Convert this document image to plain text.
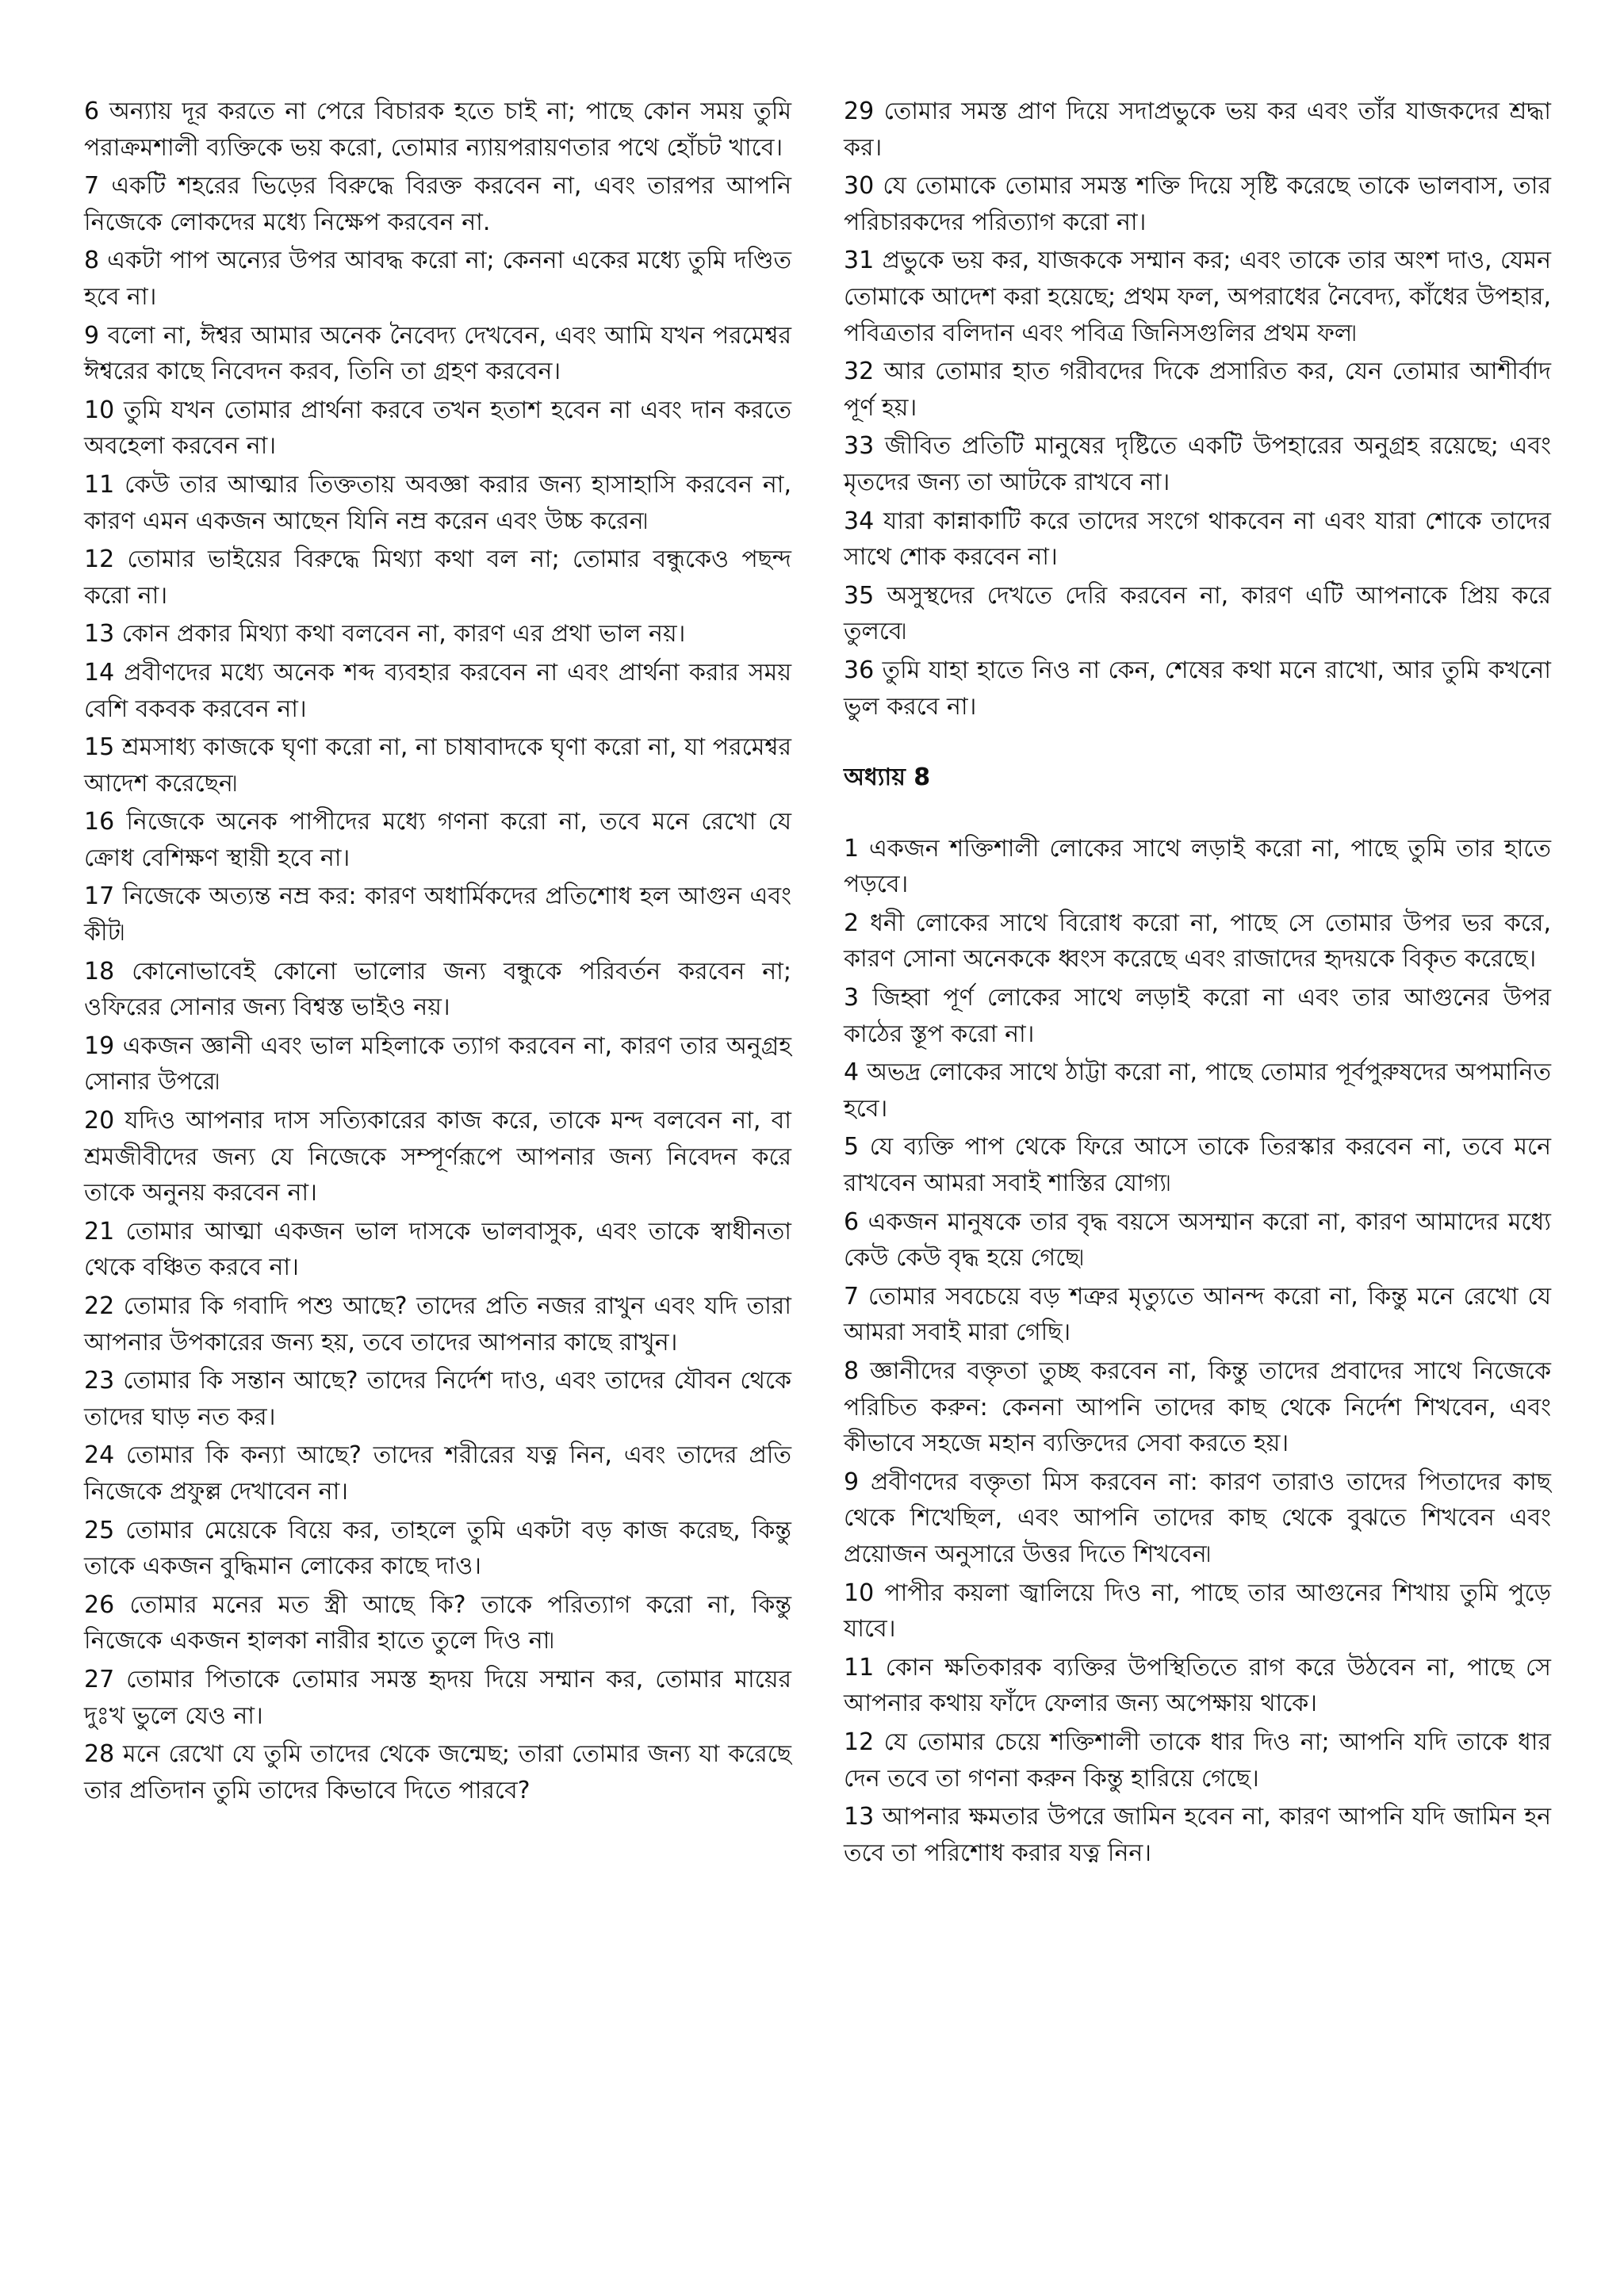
6 অন্যায় দূর করতে না পেরে বিচারক হতে চাই না; পাছে কোন সময় তুমি পরাক্রমশালী ব্যক্তিকে ভয় করো, তোমার ন্যায়পরায়ণতার পথে হোঁচট খাবে।

7 একটি শহরের ভিড়ের বিরুদ্ধে বিরক্ত করবেন না, এবং তারপর আপনি নিজেকে লোকদের মধ্যে নিক্ষেপ করবেন না.

8 একটা পাপ অন্যের উপর আবদ্ধ করো না; কেননা একের মধ্যে তুমি দণ্ডিত হবে না।

9 বলো না, ঈশ্বর আমার অনেক নৈবেদ্য দেখবেন, এবং আমি যখন পরমেশ্বর ঈশ্বরের কাছে নিবেদন করব, তিনি তা গ্রহণ করবেন।

10 তুমি যখন তোমার প্রার্থনা করবে তখন হতাশ হবেন না এবং দান করতে অবহেলা করবেন না।

11 কেউ তার আত্মার তিক্ততায় অবজ্ঞা করার জন্য হাসাহাসি করবেন না, কারণ এমন একজন আছেন যিনি নম্র করেন এবং উচ্চ করেন৷

12 তোমার ভাইয়ের বিরুদ্ধে মিথ্যা কথা বল না; তোমার বন্ধুকেও পছন্দ করো না।

13 কোন প্রকার মিথ্যা কথা বলবেন না, কারণ এর প্রথা ভাল নয়।

14 প্রবীণদের মধ্যে অনেক শব্দ ব্যবহার করবেন না এবং প্রার্থনা করার সময় বেশি বকবক করবেন না।

15 শ্রমসাধ্য কাজকে ঘৃণা করো না, না চাষাবাদকে ঘৃণা করো না, যা পরমেশ্বর আদেশ করেছেন৷

16 নিজেকে অনেক পাপীদের মধ্যে গণনা করো না, তবে মনে রেখো যে ক্রোধ বেশিক্ষণ স্থায়ী হবে না।

17 নিজেকে অত্যন্ত নম্র কর: কারণ অধার্মিকদের প্রতিশোধ হল আগুন এবং কীট৷

18 কোনোভাবেই কোনো ভালোর জন্য বন্ধুকে পরিবর্তন করবেন না; ওফিরের সোনার জন্য বিশ্বস্ত ভাইও নয়।

19 একজন জ্ঞানী এবং ভাল মহিলাকে ত্যাগ করবেন না, কারণ তার অনুগ্রহ সোনার উপরে৷

20 যদিও আপনার দাস সত্যিকারের কাজ করে, তাকে মন্দ বলবেন না, বা শ্রমজীবীদের জন্য যে নিজেকে সম্পূর্ণরূপে আপনার জন্য নিবেদন করে তাকে অনুনয় করবেন না।

21 তোমার আত্মা একজন ভাল দাসকে ভালবাসুক, এবং তাকে স্বাধীনতা থেকে বঞ্চিত করবে না।

22 তোমার কি গবাদি পশু আছে? তাদের প্রতি নজর রাখুন এবং যদি তারা আপনার উপকারের জন্য হয়, তবে তাদের আপনার কাছে রাখুন।

23 তোমার কি সন্তান আছে? তাদের নির্দেশ দাও, এবং তাদের যৌবন থেকে তাদের ঘাড় নত কর।

24 তোমার কি কন্যা আছে? তাদের শরীরের যত্ন নিন, এবং তাদের প্রতি নিজেকে প্রফুল্ল দেখাবেন না।

25 তোমার মেয়েকে বিয়ে কর, তাহলে তুমি একটা বড় কাজ করেছ, কিন্তু তাকে একজন বুদ্ধিমান লোকের কাছে দাও।

26 তোমার মনের মত স্ত্রী আছে কি? তাকে পরিত্যাগ করো না, কিন্তু নিজেকে একজন হালকা নারীর হাতে তুলে দিও না৷

27 তোমার পিতাকে তোমার সমস্ত হৃদয় দিয়ে সম্মান কর, তোমার মায়ের দুঃখ ভুলে যেও না।

28 মনে রেখো যে তুমি তাদের থেকে জন্মেছ; তারা তোমার জন্য যা করেছে তার প্রতিদান তুমি তাদের কিভাবে দিতে পারবে?

29 তোমার সমস্ত প্রাণ দিয়ে সদাপ্রভুকে ভয় কর এবং তাঁর যাজকদের শ্রদ্ধা কর।

30 যে তোমাকে তোমার সমস্ত শক্তি দিয়ে সৃষ্টি করেছে তাকে ভালবাস, তার পরিচারকদের পরিত্যাগ করো না।

31 প্রভুকে ভয় কর, যাজককে সম্মান কর; এবং তাকে তার অংশ দাও, যেমন তোমাকে আদেশ করা হয়েছে; প্রথম ফল, অপরাধের নৈবেদ্য, কাঁধের উপহার, পবিত্রতার বলিদান এবং পবিত্র জিনিসগুলির প্রথম ফল৷

32 আর তোমার হাত গরীবদের দিকে প্রসারিত কর, যেন তোমার আশীর্বাদ পূর্ণ হয়।

33 জীবিত প্রতিটি মানুষের দৃষ্টিতে একটি উপহারের অনুগ্রহ রয়েছে; এবং মৃতদের জন্য তা আটকে রাখবে না।

34 যারা কান্নাকাটি করে তাদের সংগে থাকবেন না এবং যারা শোকে তাদের সাথে শোক করবেন না।

35 অসুস্থদের দেখতে দেরি করবেন না, কারণ এটি আপনাকে প্রিয় করে তুলবে৷

36 তুমি যাহা হাতে নিও না কেন, শেষের কথা মনে রাখো, আর তুমি কখনো ভুল করবে না।

অধ্যায় 8

1 একজন শক্তিশালী লোকের সাথে লড়াই করো না, পাছে তুমি তার হাতে পড়বে।

2 ধনী লোকের সাথে বিরোধ করো না, পাছে সে তোমার উপর ভর করে, কারণ সোনা অনেককে ধ্বংস করেছে এবং রাজাদের হৃদয়কে বিকৃত করেছে।

3 জিহ্বা পূর্ণ লোকের সাথে লড়াই করো না এবং তার আগুনের উপর কাঠের স্তূপ করো না।

4 অভদ্র লোকের সাথে ঠাট্টা করো না, পাছে তোমার পূর্বপুরুষদের অপমানিত হবে।

5 যে ব্যক্তি পাপ থেকে ফিরে আসে তাকে তিরস্কার করবেন না, তবে মনে রাখবেন আমরা সবাই শাস্তির যোগ্য৷

6 একজন মানুষকে তার বৃদ্ধ বয়সে অসম্মান করো না, কারণ আমাদের মধ্যে কেউ কেউ বৃদ্ধ হয়ে গেছে৷

7 তোমার সবচেয়ে বড় শত্রুর মৃত্যুতে আনন্দ করো না, কিন্তু মনে রেখো যে আমরা সবাই মারা গেছি।

8 জ্ঞানীদের বক্তৃতা তুচ্ছ করবেন না, কিন্তু তাদের প্রবাদের সাথে নিজেকে পরিচিত করুন: কেননা আপনি তাদের কাছ থেকে নির্দেশ শিখবেন, এবং কীভাবে সহজে মহান ব্যক্তিদের সেবা করতে হয়।

9 প্রবীণদের বক্তৃতা মিস করবেন না: কারণ তারাও তাদের পিতাদের কাছ থেকে শিখেছিল, এবং আপনি তাদের কাছ থেকে বুঝতে শিখবেন এবং প্রয়োজন অনুসারে উত্তর দিতে শিখবেন৷

10 পাপীর কয়লা জ্বালিয়ে দিও না, পাছে তার আগুনের শিখায় তুমি পুড়ে যাবে।

11 কোন ক্ষতিকারক ব্যক্তির উপস্থিতিতে রাগ করে উঠবেন না, পাছে সে আপনার কথায় ফাঁদে ফেলার জন্য অপেক্ষায় থাকে।

12 যে তোমার চেয়ে শক্তিশালী তাকে ধার দিও না; আপনি যদি তাকে ধার দেন তবে তা গণনা করুন কিন্তু হারিয়ে গেছে।

13 আপনার ক্ষমতার উপরে জামিন হবেন না, কারণ আপনি যদি জামিন হন তবে তা পরিশোধ করার যত্ন নিন।
